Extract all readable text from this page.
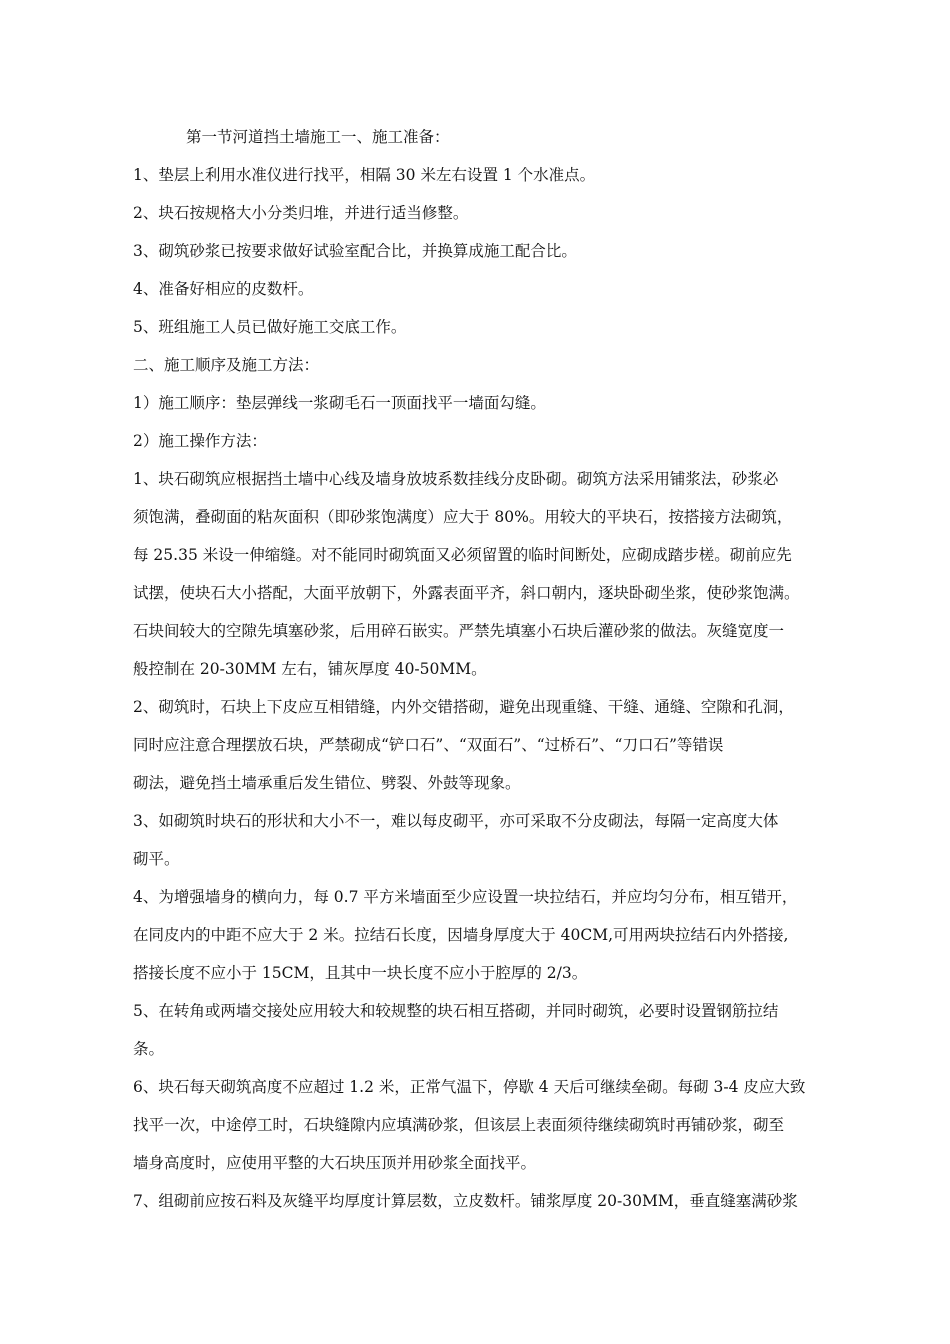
第一节河道挡土墙施工一、施工准备：
1、垫层上利用水准仪进行找平，相隔 30 米左右设置 1 个水准点。
2、块石按规格大小分类归堆，并进行适当修整。
3、砌筑砂浆已按要求做好试验室配合比，并换算成施工配合比。
4、准备好相应的皮数杆。
5、班组施工人员已做好施工交底工作。
二、施工顺序及施工方法：
1）施工顺序：垫层弹线一浆砌毛石一顶面找平一墙面勾缝。
2）施工操作方法：
1、块石砌筑应根据挡土墙中心线及墙身放坡系数挂线分皮卧砌。砌筑方法采用铺浆法，砂浆必
须饱满，叠砌面的粘灰面积（即砂浆饱满度）应大于 80%。用较大的平块石，按搭接方法砌筑，
每 25.35 米设一伸缩缝。对不能同时砌筑面又必须留置的临时间断处，应砌成踏步槎。砌前应先
试摆，使块石大小搭配，大面平放朝下，外露表面平齐，斜口朝内，逐块卧砌坐浆，使砂浆饱满。
石块间较大的空隙先填塞砂浆，后用碎石嵌实。严禁先填塞小石块后灌砂浆的做法。灰缝宽度一
般控制在 20-30MM 左右，铺灰厚度 40-50MM。
2、砌筑时，石块上下皮应互相错缝，内外交错搭砌，避免出现重缝、干缝、通缝、空隙和孔洞，
同时应注意合理摆放石块，严禁砌成“铲口石”、“双面石”、“过桥石”、“刀口石”等错误
砌法，避免挡土墙承重后发生错位、劈裂、外鼓等现象。
3、如砌筑时块石的形状和大小不一，难以每皮砌平，亦可采取不分皮砌法，每隔一定高度大体
砌平。
4、为增强墙身的横向力，每 0.7 平方米墙面至少应设置一块拉结石，并应均匀分布，相互错开，
在同皮内的中距不应大于 2 米。拉结石长度，因墙身厚度大于 40CM,可用两块拉结石内外搭接,
搭接长度不应小于 15CM，且其中一块长度不应小于腔厚的 2/3。
5、在转角或两墙交接处应用较大和较规整的块石相互搭砌，并同时砌筑，必要时设置钢筋拉结
条。
6、块石每天砌筑高度不应超过 1.2 米，正常气温下，停歇 4 天后可继续垒砌。每砌 3-4 皮应大致
找平一次，中途停工时，石块缝隙内应填满砂浆，但该层上表面须待继续砌筑时再铺砂浆，砌至
墙身高度时，应使用平整的大石块压顶并用砂浆全面找平。
7、组砌前应按石料及灰缝平均厚度计算层数，立皮数杆。铺浆厚度 20-30MM，垂直缝塞满砂浆
